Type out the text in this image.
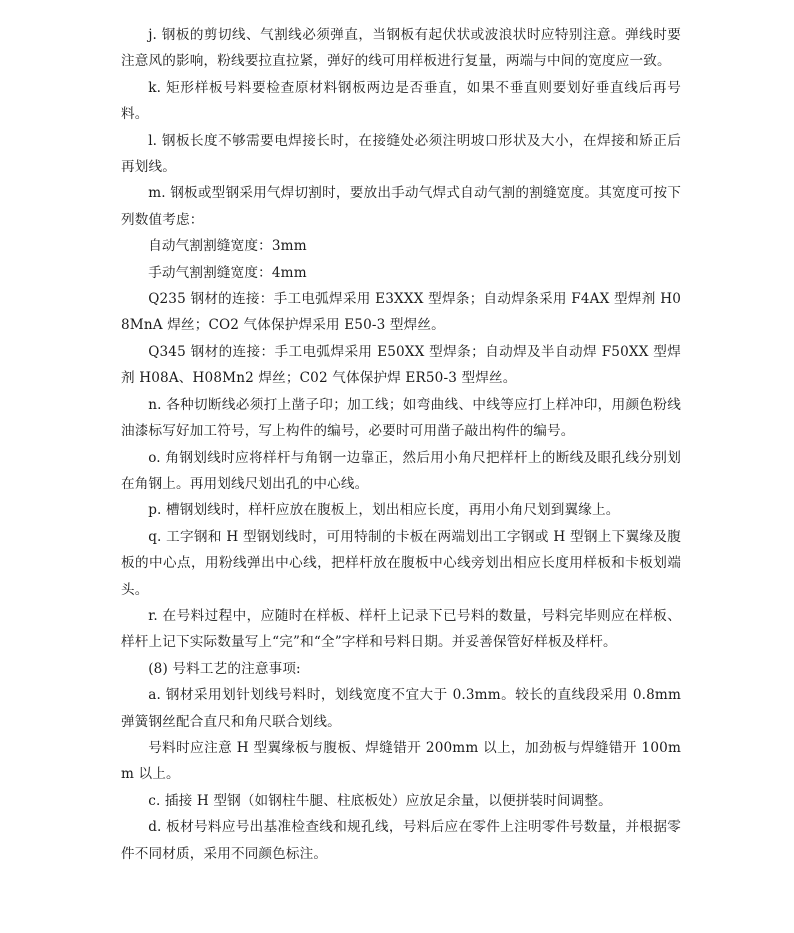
j. 钢板的剪切线、气割线必须弹直，当钢板有起伏状或波浪状时应特别注意。弹线时要注意风的影响，粉线要拉直拉紧，弹好的线可用样板进行复量，两端与中间的宽度应一致。

k. 矩形样板号料要检查原材料钢板两边是否垂直，如果不垂直则要划好垂直线后再号料。

l. 钢板长度不够需要电焊接长时，在接缝处必须注明坡口形状及大小，在焊接和矫正后再划线。

m. 钢板或型钢采用气焊切割时，要放出手动气焊式自动气割的割缝宽度。其宽度可按下列数值考虑：

自动气割割缝宽度：3mm

手动气割割缝宽度：4mm

Q235 钢材的连接：手工电弧焊采用 E3XXX 型焊条；自动焊条采用 F4AX 型焊剂 H08MnA 焊丝；CO2 气体保护焊采用 E50-3 型焊丝。

Q345 钢材的连接：手工电弧焊采用 E50XX 型焊条；自动焊及半自动焊 F50XX 型焊剂 H08A、H08Mn2 焊丝；C02 气体保护焊 ER50-3 型焊丝。

n. 各种切断线必须打上凿子印；加工线；如弯曲线、中线等应打上样冲印，用颜色粉线油漆标写好加工符号，写上构件的编号，必要时可用凿子敲出构件的编号。

o. 角钢划线时应将样杆与角钢一边靠正，然后用小角尺把样杆上的断线及眼孔线分别划在角钢上。再用划线尺划出孔的中心线。

p. 槽钢划线时，样杆应放在腹板上，划出相应长度，再用小角尺划到翼缘上。

q. 工字钢和 H 型钢划线时，可用特制的卡板在两端划出工字钢或 H 型钢上下翼缘及腹板的中心点，用粉线弹出中心线，把样杆放在腹板中心线旁划出相应长度用样板和卡板划端头。

r. 在号料过程中，应随时在样板、样杆上记录下已号料的数量，号料完毕则应在样板、样杆上记下实际数量写上“完”和“全”字样和号料日期。并妥善保管好样板及样杆。

(8) 号料工艺的注意事项:

a. 钢材采用划针划线号料时，划线宽度不宜大于 0.3mm。较长的直线段采用 0.8mm 弹簧钢丝配合直尺和角尺联合划线。

号料时应注意 H 型翼缘板与腹板、焊缝错开 200mm 以上，加劲板与焊缝错开 100mm 以上。

c. 插接 H 型钢（如钢柱牛腿、柱底板处）应放足余量，以便拼装时间调整。

d. 板材号料应号出基准检查线和规孔线，号料后应在零件上注明零件号数量，并根据零件不同材质，采用不同颜色标注。
